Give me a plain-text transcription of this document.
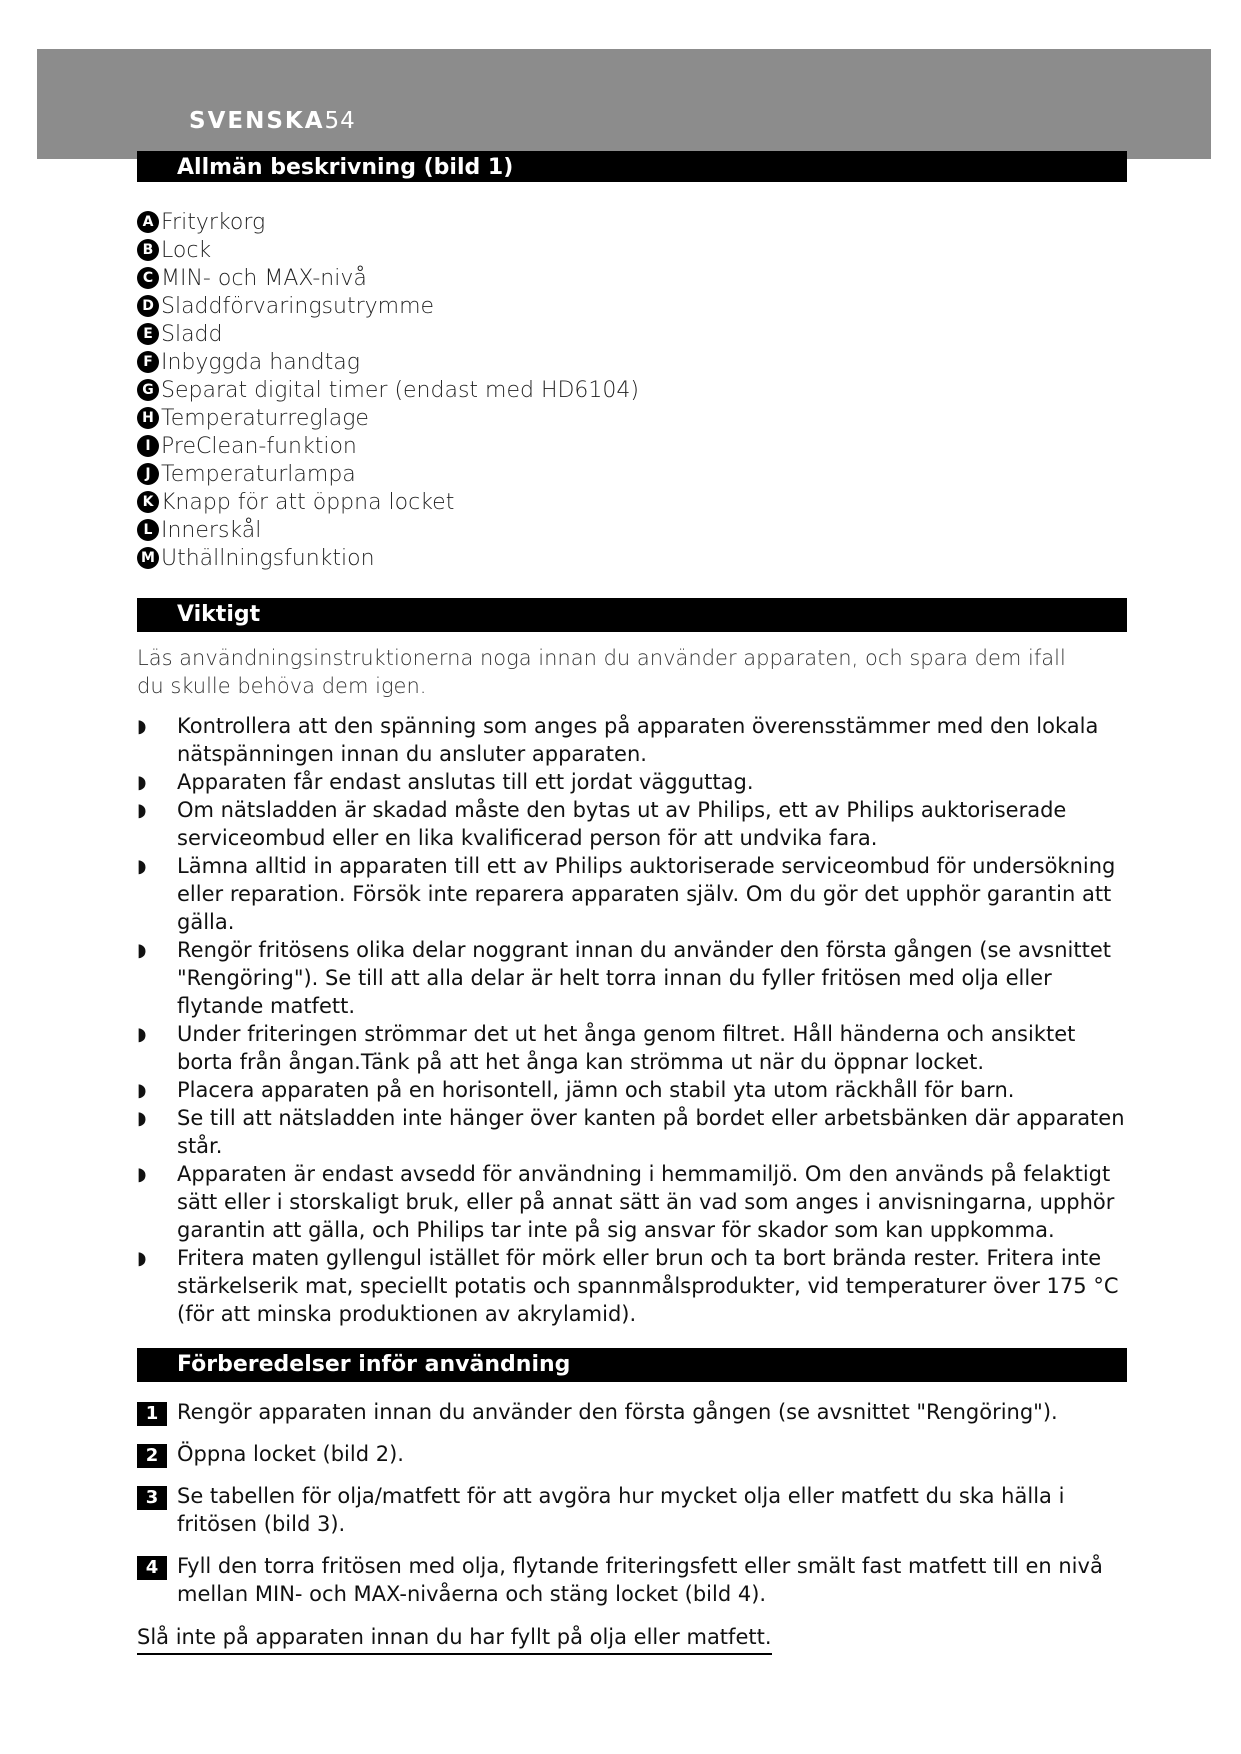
SVENSKA54
Allmän beskrivning (bild 1)
A Frityrkorg
B Lock
C MIN- och MAX-nivå
D Sladdförvaringsutrymme
E Sladd
F Inbyggda handtag
G Separat digital timer (endast med HD6104)
H Temperaturreglage
I PreClean-funktion
J Temperaturlampa
K Knapp för att öppna locket
L Innerskål
M Uthällningsfunktion
Viktigt

Läs användningsinstruktionerna noga innan du använder apparaten, och spara dem ifall du skulle behöva dem igen.

◗ Kontrollera att den spänning som anges på apparaten överensstämmer med den lokala nätspänningen innan du ansluter apparaten.
◗ Apparaten får endast anslutas till ett jordat vägguttag.
◗ Om nätsladden är skadad måste den bytas ut av Philips, ett av Philips auktoriserade serviceombud eller en lika kvalificerad person för att undvika fara.
◗ Lämna alltid in apparaten till ett av Philips auktoriserade serviceombud för undersökning eller reparation. Försök inte reparera apparaten själv. Om du gör det upphör garantin att gälla.
◗ Rengör fritösens olika delar noggrant innan du använder den första gången (se avsnittet "Rengöring"). Se till att alla delar är helt torra innan du fyller fritösen med olja eller flytande matfett.
◗ Under friteringen strömmar det ut het ånga genom filtret. Håll händerna och ansiktet borta från ångan.Tänk på att het ånga kan strömma ut när du öppnar locket.
◗ Placera apparaten på en horisontell, jämn och stabil yta utom räckhåll för barn.
◗ Se till att nätsladden inte hänger över kanten på bordet eller arbetsbänken där apparaten står.
◗ Apparaten är endast avsedd för användning i hemmamiljö. Om den används på felaktigt sätt eller i storskaligt bruk, eller på annat sätt än vad som anges i anvisningarna, upphör garantin att gälla, och Philips tar inte på sig ansvar för skador som kan uppkomma.
◗ Fritera maten gyllengul istället för mörk eller brun och ta bort brända rester. Fritera inte stärkelserik mat, speciellt potatis och spannmålsprodukter, vid temperaturer över 175 °C (för att minska produktionen av akrylamid).
Förberedelser inför användning
1 Rengör apparaten innan du använder den första gången (se avsnittet "Rengöring").
2 Öppna locket (bild 2).
3 Se tabellen för olja/matfett för att avgöra hur mycket olja eller matfett du ska hälla i fritösen (bild 3).
4 Fyll den torra fritösen med olja, flytande friteringsfett eller smält fast matfett till en nivå mellan MIN- och MAX-nivåerna och stäng locket (bild 4).
Slå inte på apparaten innan du har fyllt på olja eller matfett.
